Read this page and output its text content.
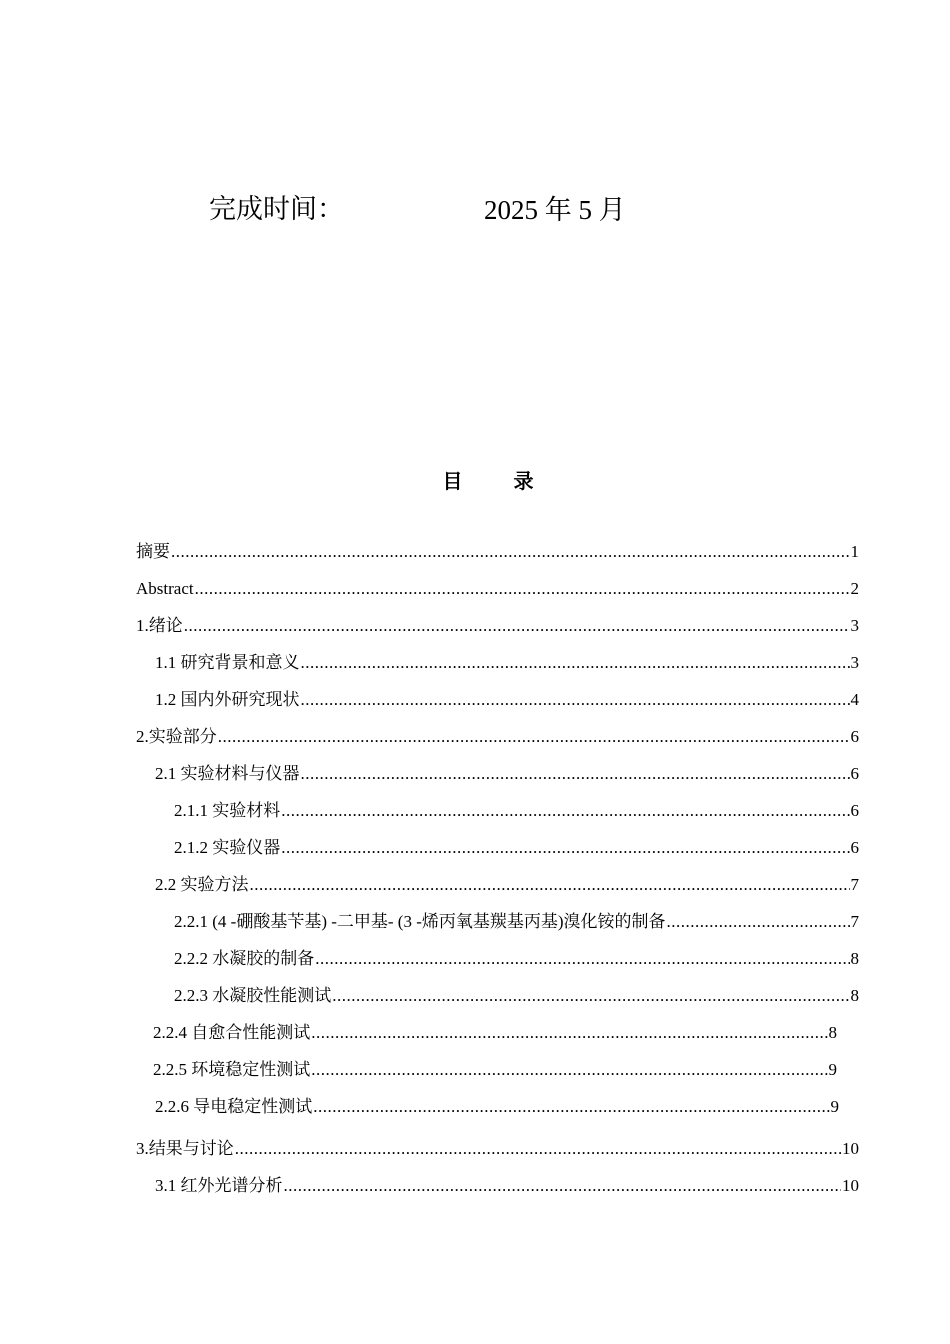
完成时间：	2025 年 5 月
目 录
摘要 .....	1
Abstract .....	2
1.绪论 .....	3
1.1 研究背景和意义 .....	3
1.2 国内外研究现状 .....	4
2.实验部分 .....	6
2.1 实验材料与仪器 .....	6
2.1.1 实验材料 .....	6
2.1.2 实验仪器 .....	6
2.2 实验方法 .....	7
2.2.1 (4 -硼酸基苄基) -二甲基- (3 -烯丙氧基羰基丙基)溴化铵的制备 .....	7
2.2.2 水凝胶的制备 .....	8
2.2.3 水凝胶性能测试 .....	8
2.2.4 自愈合性能测试 .....	8
2.2.5 环境稳定性测试 .....	9
2.2.6 导电稳定性测试 .....	9
3.结果与讨论 .....	10
3.1 红外光谱分析 .....	10
